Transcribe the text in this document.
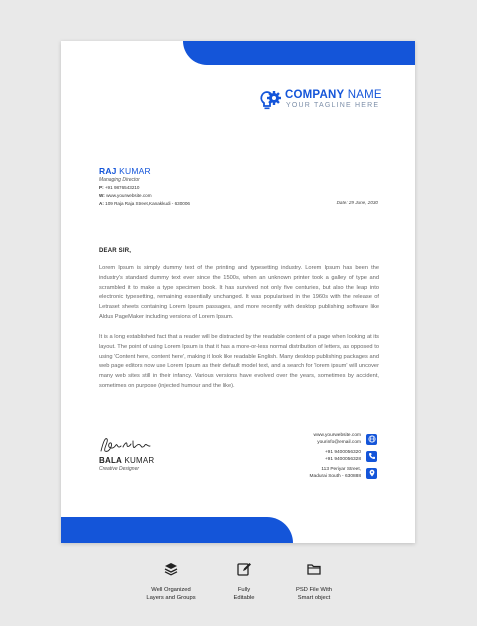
COMPANY NAME
YOUR TAGLINE HERE
RAJ KUMAR
Managing Director
P: +91 9876543210
W: www.yourwebsite.com
A: 109 Raja Raja Street,Kanakkudi - 630006	Date: 29 June, 2030
DEAR SIR,
Lorem Ipsum is simply dummy text of the printing and typesetting industry. Lorem Ipsum has been the industry's standard dummy text ever since the 1500s, when an unknown printer took a galley of type and scrambled it to make a type specimen book. It has survived not only five centuries, but also the leap into electronic typesetting, remaining essentially unchanged. It was popularised in the 1960s with the release of Letraset sheets containing Lorem Ipsum passages, and more recently with desktop publishing software like Aldus PageMaker including versions of Lorem Ipsum.
It is a long established fact that a reader will be distracted by the readable content of a page when looking at its layout. The point of using Lorem Ipsum is that it has a more-or-less normal distribution of letters, as opposed to using 'Content here, content here', making it look like readable English. Many desktop publishing packages and web page editors now use Lorem Ipsum as their default model text, and a search for 'lorem ipsum' will uncover many web sites still in their infancy. Various versions have evolved over the years, sometimes by accident, sometimes on purpose (injected humour and the like).
BALA KUMAR
Creative Designer
www.yourwebsite.com
yourinfo@email.com
+91 9400056320
+91 9400056328
113 Periyar Street,
Madurai South - 630888
Well Organized
Layers and Groups
Fully
Editable
PSD File With
Smart object
